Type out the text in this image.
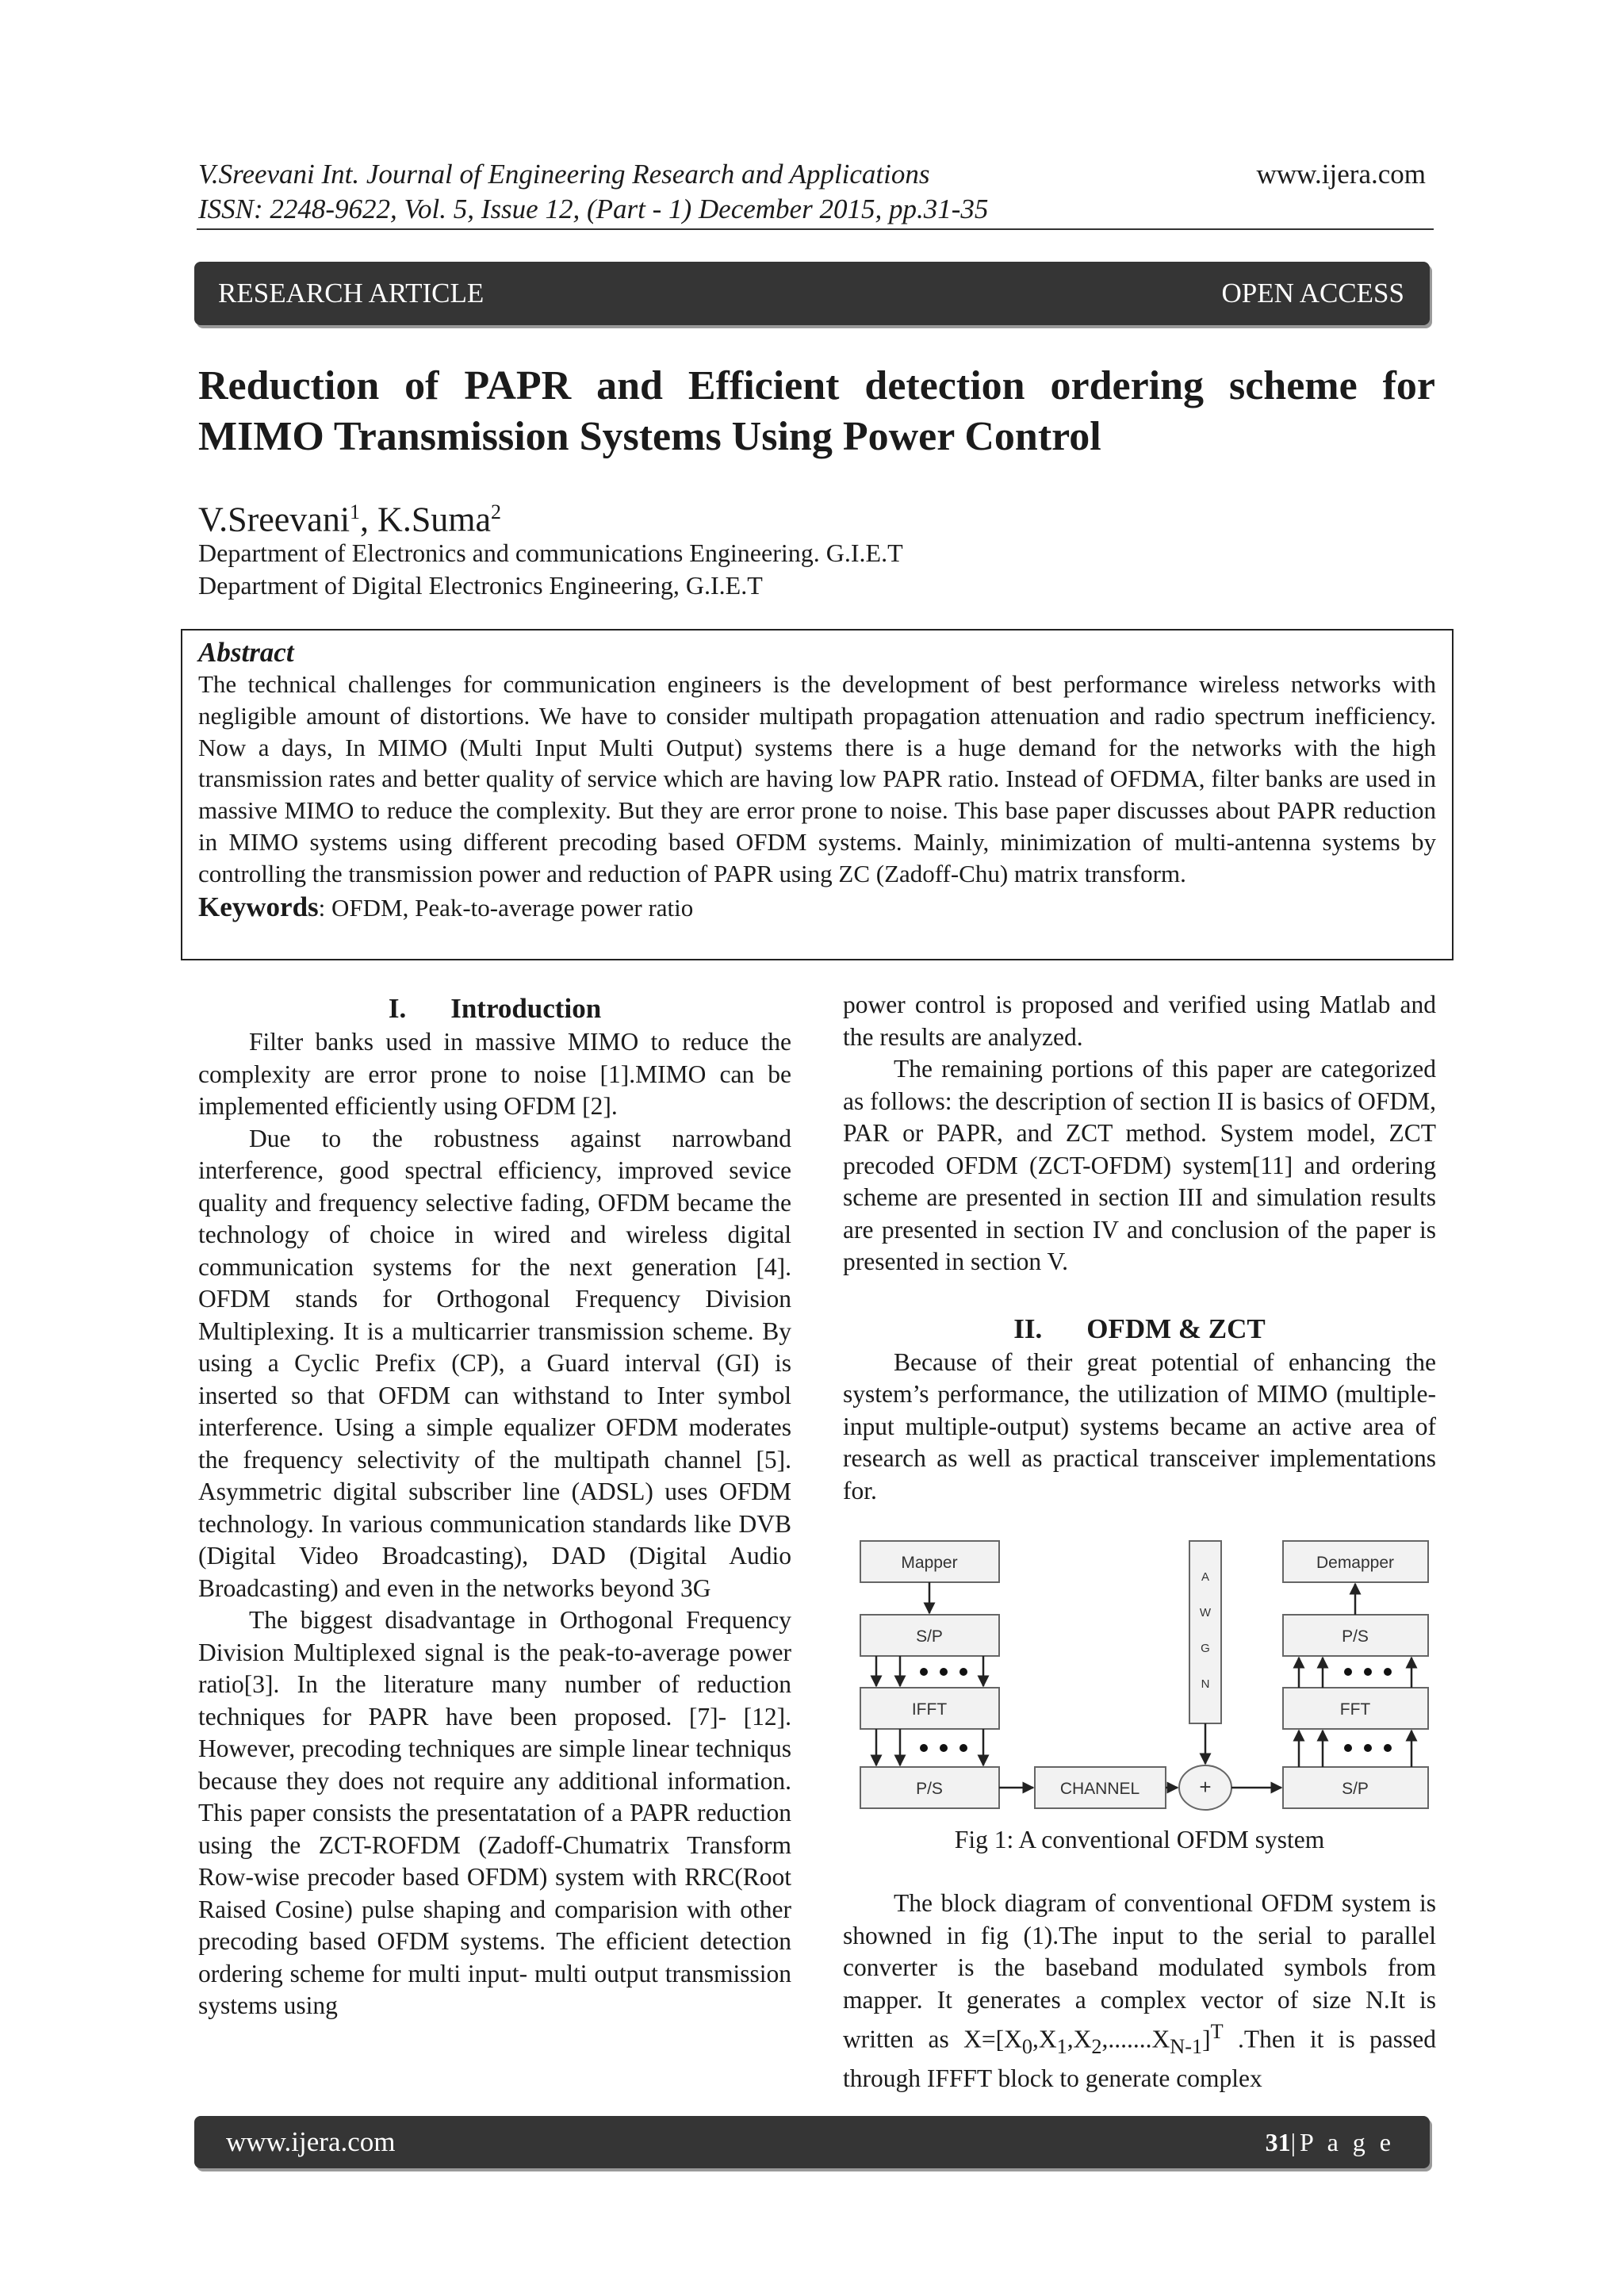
V.Sreevani Int. Journal of Engineering Research and Applications
ISSN: 2248-9622, Vol. 5, Issue 12, (Part - 1) December 2015, pp.31-35
www.ijera.com
RESEARCH ARTICLE	OPEN ACCESS
Reduction of PAPR and Efficient detection ordering scheme for MIMO Transmission Systems Using Power Control
V.Sreevani$^1$, K.Suma$^2$
Department of Electronics and communications Engineering. G.I.E.T
Department of Digital Electronics Engineering, G.I.E.T
Abstract

The technical challenges for communication engineers is the development of best performance wireless networks with negligible amount of distortions. We have to consider multipath propagation attenuation and radio spectrum inefficiency. Now a days, In MIMO (Multi Input Multi Output) systems there is a huge demand for the networks with the high transmission rates and better quality of service which are having low PAPR ratio. Instead of OFDMA, filter banks are used in massive MIMO to reduce the complexity. But they are error prone to noise. This base paper discusses about PAPR reduction in MIMO systems using different precoding based OFDM systems. Mainly, minimization of multi-antenna systems by controlling the transmission power and reduction of PAPR using ZC (Zadoff-Chu) matrix transform.

Keywords: OFDM, Peak-to-average power ratio
I. Introduction

Filter banks used in massive MIMO to reduce the complexity are error prone to noise [1].MIMO can be implemented efficiently using OFDM [2].

Due to the robustness against narrowband interference, good spectral efficiency, improved sevice quality and frequency selective fading, OFDM became the technology of choice in wired and wireless digital communication systems for the next generation [4]. OFDM stands for Orthogonal Frequency Division Multiplexing. It is a multicarrier transmission scheme. By using a Cyclic Prefix (CP), a Guard interval (GI) is inserted so that OFDM can withstand to Inter symbol interference. Using a simple equalizer OFDM moderates the frequency selectivity of the multipath channel [5]. Asymmetric digital subscriber line (ADSL) uses OFDM technology. In various communication standards like DVB (Digital Video Broadcasting), DAD (Digital Audio Broadcasting) and even in the networks beyond 3G

The biggest disadvantage in Orthogonal Frequency Division Multiplexed signal is the peak-to-average power ratio[3]. In the literature many number of reduction techniques for PAPR have been proposed. [7]- [12]. However, precoding techniques are simple linear techniqus because they does not require any additional information. This paper consists the presentatation of a PAPR reduction using the ZCT-ROFDM (Zadoff-Chumatrix Transform Row-wise precoder based OFDM) system with RRC(Root Raised Cosine) pulse shaping and comparision with other precoding based OFDM systems. The efficient detection ordering scheme for multi input- multi output transmission systems using

power control is proposed and verified using Matlab and the results are analyzed.

The remaining portions of this paper are categorized as follows: the description of section II is basics of OFDM, PAR or PAPR, and ZCT method. System model, ZCT precoded OFDM (ZCT-OFDM) system[11] and ordering scheme are presented in section III and simulation results are presented in section IV and conclusion of the paper is presented in section V.

II. OFDM & ZCT

Because of their great potential of enhancing the system’s performance, the utilization of MIMO (multiple-input multiple-output) systems became an active area of research as well as practical transceiver implementations for.

Mapper
S/P
IFFT
P/S	CHANNEL	+
A
W
G
N
Demapper
P/S
FFT
S/P
Fig 1: A conventional OFDM system

The block diagram of conventional OFDM system is showned in fig (1).The input to the serial to parallel converter is the baseband modulated symbols from mapper. It generates a complex vector of size N.It is written as $X=[X_0,X_1,X_2,.......X_{N-1}]^T$ .Then it is passed through IFFFT block to generate complex

www.ijera.com	31|P a g e
